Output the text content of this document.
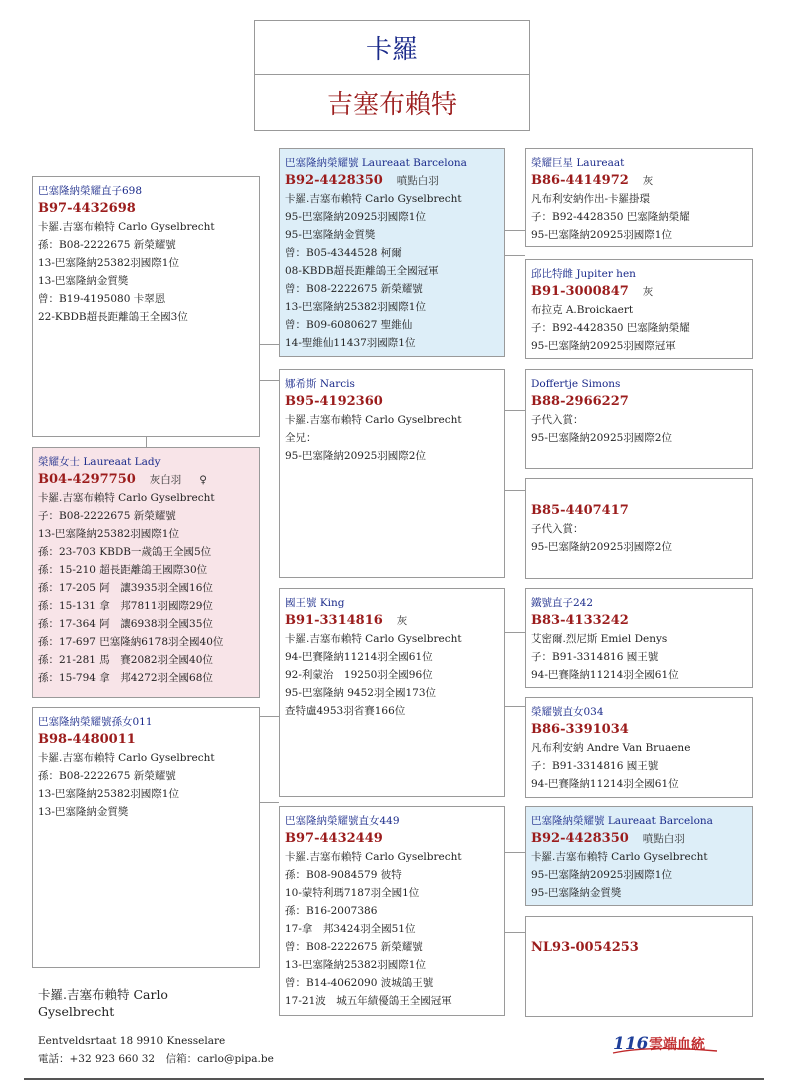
卡羅
吉塞布賴特
巴塞隆納榮耀直子698
B97-4432698
卡羅.吉塞布賴特 Carlo Gyselbrecht
孫：B08-2222675 新榮耀號
13-巴塞隆納25382羽國際1位
13-巴塞隆納金質獎
曾：B19-4195080 卡翠恩
22-KBDB超長距離鴿王全國3位
榮耀女士 Laureaat Lady
B04-4297750 灰白羽 ♀
卡羅.吉塞布賴特 Carlo Gyselbrecht
子：B08-2222675 新榮耀號
13-巴塞隆納25382羽國際1位
孫：23-703 KBDB一歲鴿王全國5位
孫：15-210 超長距離鴿王國際30位
孫：17-205 阿　讓3935羽全國16位
孫：15-131 拿　邦7811羽國際29位
孫：17-364 阿　讓6938羽全國35位
孫：17-697 巴塞隆納6178羽全國40位
孫：21-281 馬　賽2082羽全國40位
孫：15-794 拿　邦4272羽全國68位
巴塞隆納榮耀號孫女011
B98-4480011
卡羅.吉塞布賴特 Carlo Gyselbrecht
孫：B08-2222675 新榮耀號
13-巴塞隆納25382羽國際1位
13-巴塞隆納金質獎
巴塞隆納榮耀號 Laureaat Barcelona
B92-4428350 噴點白羽
卡羅.吉塞布賴特 Carlo Gyselbrecht
95-巴塞隆納20925羽國際1位
95-巴塞隆納金質獎
曾：B05-4344528 柯爾
08-KBDB超長距離鴿王全國冠軍
曾：B08-2222675 新榮耀號
13-巴塞隆納25382羽國際1位
曾：B09-6080627 聖維仙
14-聖維仙11437羽國際1位
娜希斯 Narcis
B95-4192360
卡羅.吉塞布賴特 Carlo Gyselbrecht
全兄：
95-巴塞隆納20925羽國際2位
國王號 King
B91-3314816 灰
卡羅.吉塞布賴特 Carlo Gyselbrecht
94-巴賽隆納11214羽全國61位
92-利蒙治　19250羽全國96位
95-巴塞隆納 9452羽全國173位
查特盧4953羽省賽166位
巴塞隆納榮耀號直女449
B97-4432449
卡羅.吉塞布賴特 Carlo Gyselbrecht
孫：B08-9084579 彼特
10-蒙特利瑪7187羽全國1位
孫：B16-2007386
17-拿　邦3424羽全國51位
曾：B08-2222675 新榮耀號
13-巴塞隆納25382羽國際1位
曾：B14-4062090 波城鴿王號
17-21波　城五年績優鴿王全國冠軍
榮耀巨星 Laureaat
B86-4414972 灰
凡布利安納作出-卡羅掛環
子：B92-4428350 巴塞隆納榮耀
95-巴塞隆納20925羽國際1位
邱比特雌 Jupiter hen
B91-3000847 灰
布拉克 A.Broickaert
子：B92-4428350 巴塞隆納榮耀
95-巴塞隆納20925羽國際冠軍
Doffertje Simons
B88-2966227
子代入賞：
95-巴塞隆納20925羽國際2位
B85-4407417
子代入賞：
95-巴塞隆納20925羽國際2位
鐵號直子242
B83-4133242
艾密爾.烈尼斯 Emiel Denys
子：B91-3314816 國王號
94-巴賽隆納11214羽全國61位
榮耀號直女034
B86-3391034
凡布利安納 Andre Van Bruaene
子：B91-3314816 國王號
94-巴賽隆納11214羽全國61位
巴塞隆納榮耀號 Laureaat Barcelona
B92-4428350 噴點白羽
卡羅.吉塞布賴特 Carlo Gyselbrecht
95-巴塞隆納20925羽國際1位
95-巴塞隆納金質獎
NL93-0054253
卡羅.吉塞布賴特 Carlo Gyselbrecht
Eentveldsrtaat 18 9910 Knesselare
電話：+32 923 660 32　信箱：carlo@pipa.be
116 雲端血統
